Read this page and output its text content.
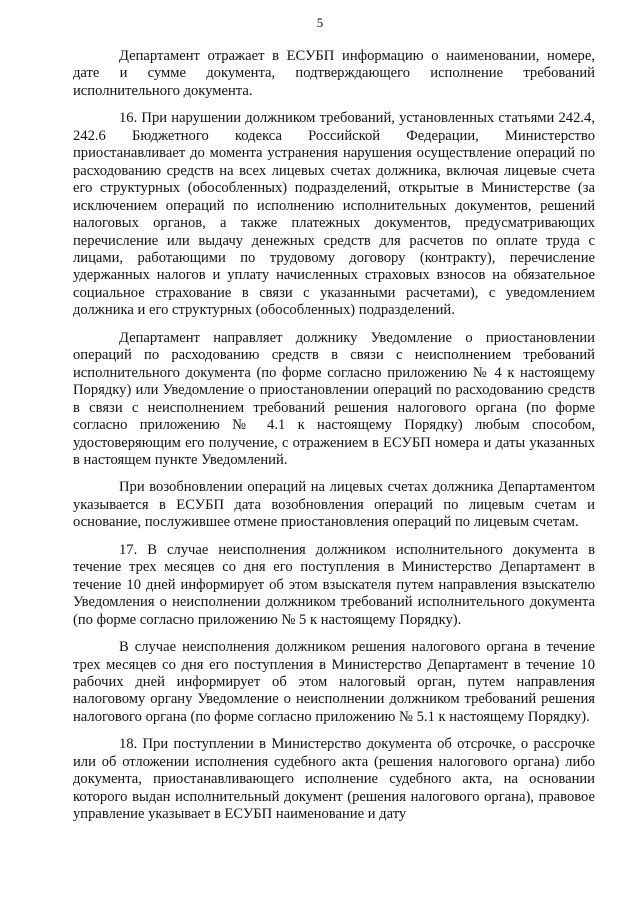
5

Департамент отражает в ЕСУБП информацию о наименовании, номере, дате и сумме документа, подтверждающего исполнение требований исполнительного документа.

16. При нарушении должником требований, установленных статьями 242.4, 242.6 Бюджетного кодекса Российской Федерации, Министерство приостанавливает до момента устранения нарушения осуществление операций по расходованию средств на всех лицевых счетах должника, включая лицевые счета его структурных (обособленных) подразделений, открытые в Министерстве (за исключением операций по исполнению исполнительных документов, решений налоговых органов, а также платежных документов, предусматривающих перечисление или выдачу денежных средств для расчетов по оплате труда с лицами, работающими по трудовому договору (контракту), перечисление удержанных налогов и уплату начисленных страховых взносов на обязательное социальное страхование в связи с указанными расчетами), с уведомлением должника и его структурных (обособленных) подразделений.

Департамент направляет должнику Уведомление о приостановлении операций по расходованию средств в связи с неисполнением требований исполнительного документа (по форме согласно приложению № 4 к настоящему Порядку) или Уведомление о приостановлении операций по расходованию средств в связи с неисполнением требований решения налогового органа (по форме согласно приложению № 4.1 к настоящему Порядку) любым способом, удостоверяющим его получение, с отражением в ЕСУБП номера и даты указанных в настоящем пункте Уведомлений.

При возобновлении операций на лицевых счетах должника Департаментом указывается в ЕСУБП дата возобновления операций по лицевым счетам и основание, послужившее отмене приостановления операций по лицевым счетам.

17. В случае неисполнения должником исполнительного документа в течение трех месяцев со дня его поступления в Министерство Департамент в течение 10 дней информирует об этом взыскателя путем направления взыскателю Уведомления о неисполнении должником требований исполнительного документа (по форме согласно приложению № 5 к настоящему Порядку).

В случае неисполнения должником решения налогового органа в течение трех месяцев со дня его поступления в Министерство Департамент в течение 10 рабочих дней информирует об этом налоговый орган, путем направления налоговому органу Уведомление о неисполнении должником требований решения налогового органа (по форме согласно приложению № 5.1 к настоящему Порядку).

18. При поступлении в Министерство документа об отсрочке, о рассрочке или об отложении исполнения судебного акта (решения налогового органа) либо документа, приостанавливающего исполнение судебного акта, на основании которого выдан исполнительный документ (решения налогового органа), правовое управление указывает в ЕСУБП наименование и дату
